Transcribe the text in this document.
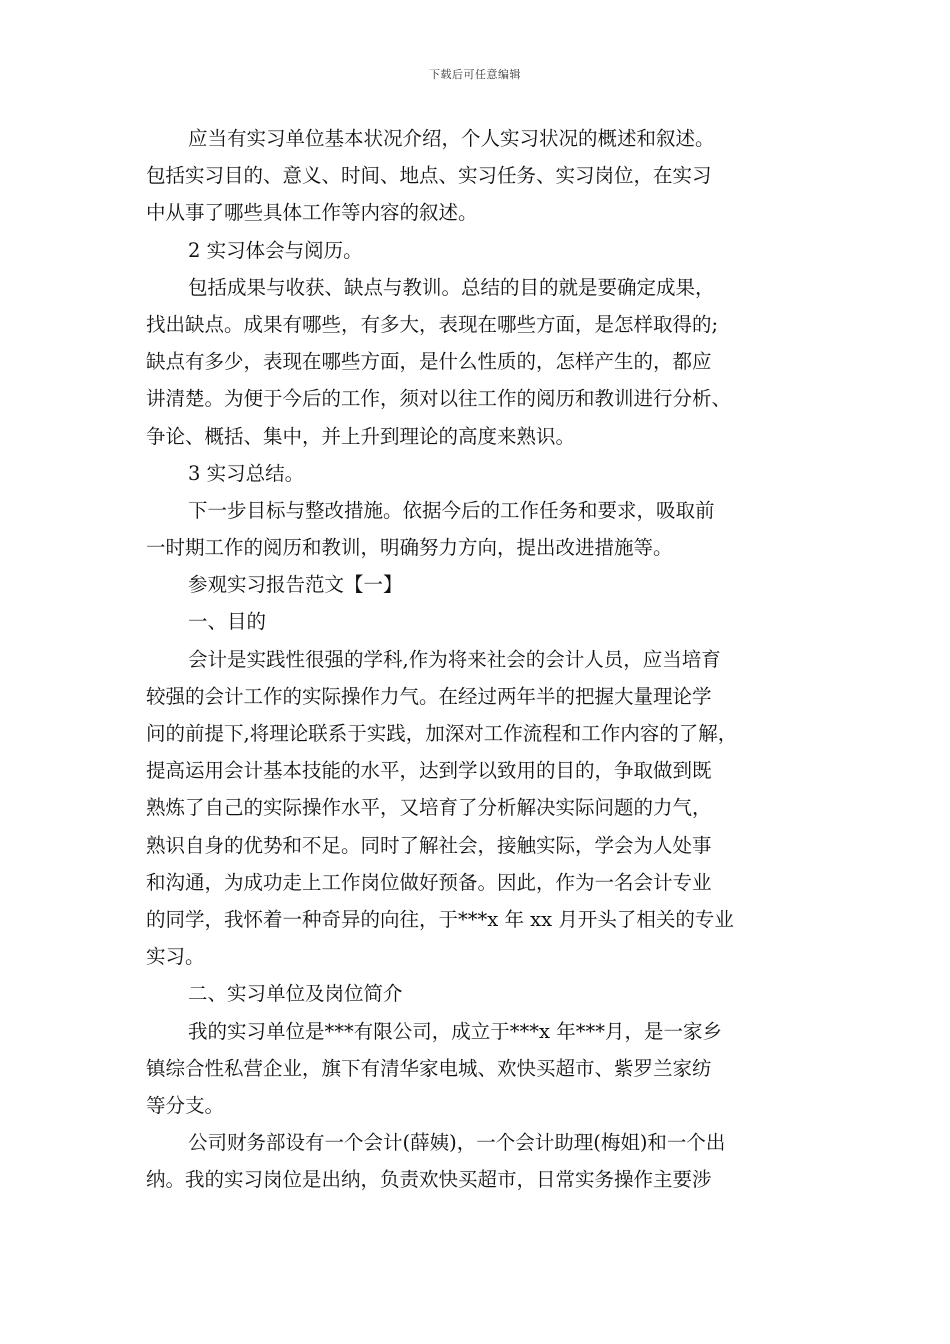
下载后可任意编辑
应当有实习单位基本状况介绍，个人实习状况的概述和叙述。
包括实习目的、意义、时间、地点、实习任务、实习岗位，在实习
中从事了哪些具体工作等内容的叙述。
2 实习体会与阅历。
包括成果与收获、缺点与教训。总结的目的就是要确定成果，
找出缺点。成果有哪些，有多大，表现在哪些方面，是怎样取得的;
缺点有多少，表现在哪些方面，是什么性质的，怎样产生的，都应
讲清楚。为便于今后的工作，须对以往工作的阅历和教训进行分析、
争论、概括、集中，并上升到理论的高度来熟识。
3 实习总结。
下一步目标与整改措施。依据今后的工作任务和要求，吸取前
一时期工作的阅历和教训，明确努力方向，提出改进措施等。
参观实习报告范文【一】
一、目的
会计是实践性很强的学科,作为将来社会的会计人员，应当培育
较强的会计工作的实际操作力气。在经过两年半的把握大量理论学
问的前提下,将理论联系于实践，加深对工作流程和工作内容的了解，
提高运用会计基本技能的水平，达到学以致用的目的，争取做到既
熟炼了自己的实际操作水平，又培育了分析解决实际问题的力气，
熟识自身的优势和不足。同时了解社会，接触实际，学会为人处事
和沟通，为成功走上工作岗位做好预备。因此，作为一名会计专业
的同学，我怀着一种奇异的向往，于***x 年 xx 月开头了相关的专业
实习。
二、实习单位及岗位简介
我的实习单位是***有限公司，成立于***x 年***月，是一家乡
镇综合性私营企业，旗下有清华家电城、欢快买超市、紫罗兰家纺
等分支。
公司财务部设有一个会计(薛姨)，一个会计助理(梅姐)和一个出
纳。我的实习岗位是出纳，负责欢快买超市，日常实务操作主要涉
